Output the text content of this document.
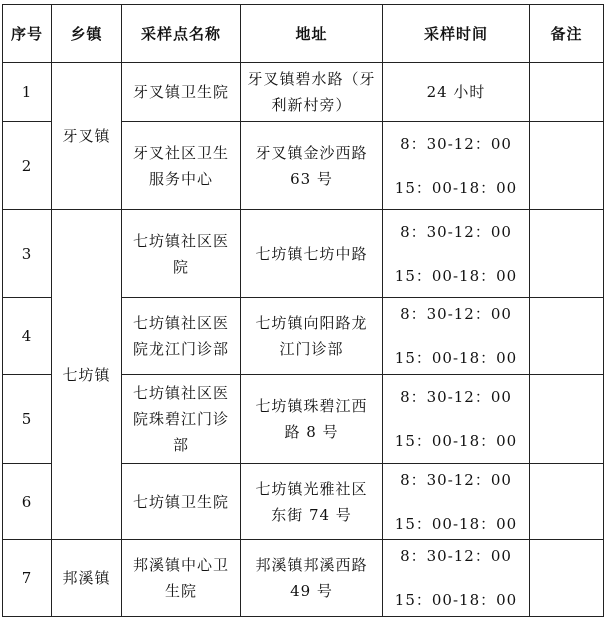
序号	乡镇	采样点名称	地址	采样时间	备注
1	牙叉镇	牙叉镇卫生院	牙叉镇碧水路（牙
利新村旁）	24 小时	

2		牙叉社区卫生
服务中心	牙叉镇金沙西路
63 号	8：30-12：00
15：00-18：00	

3	七坊镇	七坊镇社区医
院	七坊镇七坊中路	8：30-12：00
15：00-18：00	

4		七坊镇社区医
院龙江门诊部	七坊镇向阳路龙
江门诊部	8：30-12：00
15：00-18：00	

5		七坊镇社区医
院珠碧江门诊
部	七坊镇珠碧江西
路 8 号	8：30-12：00
15：00-18：00	

6		七坊镇卫生院	七坊镇光雅社区
东街 74 号	8：30-12：00
15：00-18：00	

7	邦溪镇	邦溪镇中心卫
生院	邦溪镇邦溪西路
49 号	8：30-12：00
15：00-18：00	
